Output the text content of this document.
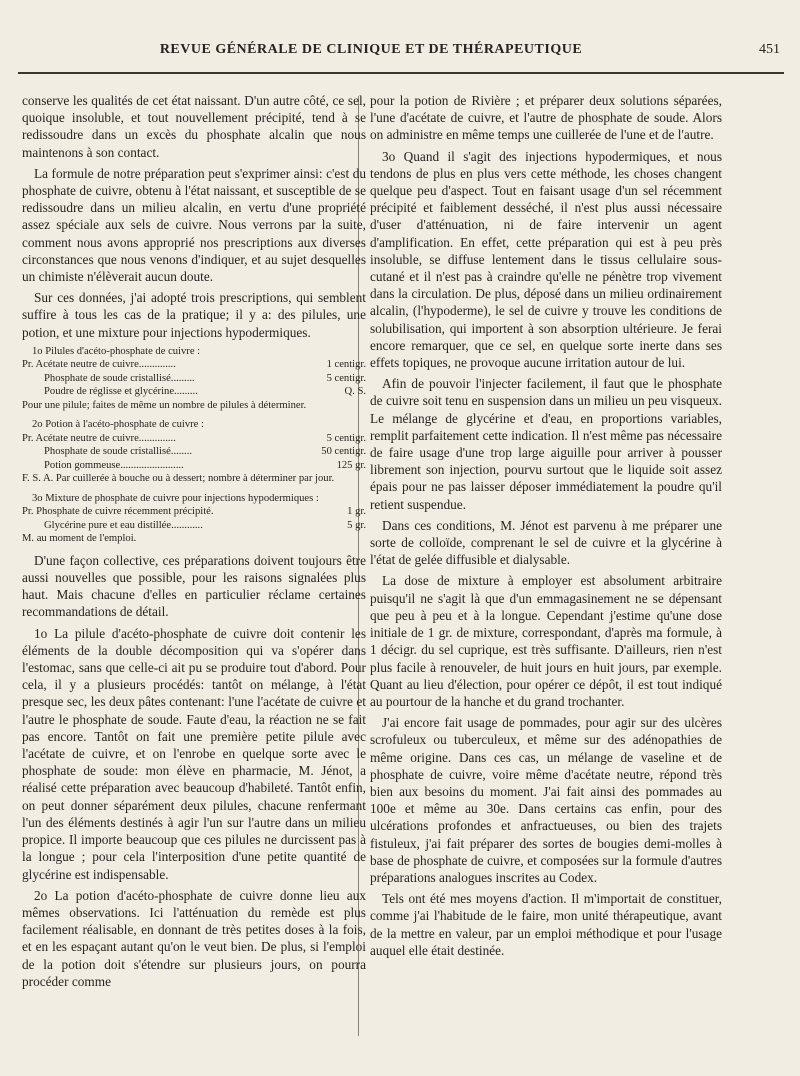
REVUE GÉNÉRALE DE CLINIQUE ET DE THÉRAPEUTIQUE	451

conserve les qualités de cet état naissant. D'un autre côté, ce sel, quoique insoluble, et tout nouvellement précipité, tend à se redissoudre dans un excès du phosphate alcalin que nous maintenons à son contact.

La formule de notre préparation peut s'exprimer ainsi: c'est du phosphate de cuivre, obtenu à l'état naissant, et susceptible de se redissoudre dans un milieu alcalin, en vertu d'une propriété assez spéciale aux sels de cuivre. Nous verrons par la suite, comment nous avons approprié nos prescriptions aux diverses circonstances que nous venons d'indiquer, et au sujet desquelles un chimiste n'élèverait aucun doute.

Sur ces données, j'ai adopté trois prescriptions, qui semblent suffire à tous les cas de la pratique; il y a: des pilules, une potion, et une mixture pour injections hypodermiques.

1o Pilules d'acéto-phosphate de cuivre :
Pr. Acétate neutre de cuivre..............	1 centigr.
Phosphate de soude cristallisé.........	5 centigr.
Poudre de réglisse et glycérine.........	Q. S.
Pour une pilule; faites de même un nombre de pilules à déterminer.
2o Potion à l'acéto-phosphate de cuivre :
Pr. Acétate neutre de cuivre..............	5 centigr.
Phosphate de soude cristallisé........	50 centigr.
Potion gommeuse........................	125 gr.
F. S. A. Par cuillerée à bouche ou à dessert; nombre à déterminer par jour.
3o Mixture de phosphate de cuivre pour injections hypodermiques :
Pr. Phosphate de cuivre récemment précipité.	1 gr.
Glycérine pure et eau distillée............	5 gr.
M. au moment de l'emploi.

D'une façon collective, ces préparations doivent toujours être aussi nouvelles que possible, pour les raisons signalées plus haut. Mais chacune d'elles en particulier réclame certaines recommandations de détail.

1o La pilule d'acéto-phosphate de cuivre doit contenir les éléments de la double décomposition qui va s'opérer dans l'estomac, sans que celle-ci ait pu se produire tout d'abord. Pour cela, il y a plusieurs procédés: tantôt on mélange, à l'état presque sec, les deux pâtes contenant: l'une l'acétate de cuivre et l'autre le phosphate de soude. Faute d'eau, la réaction ne se fait pas encore. Tantôt on fait une première petite pilule avec l'acétate de cuivre, et on l'enrobe en quelque sorte avec le phosphate de soude: mon élève en pharmacie, M. Jénot, a réalisé cette préparation avec beaucoup d'habileté. Tantôt enfin, on peut donner séparément deux pilules, chacune renfermant l'un des éléments destinés à agir l'un sur l'autre dans un milieu propice. Il importe beaucoup que ces pilules ne durcissent pas à la longue ; pour cela l'interposition d'une petite quantité de glycérine est indispensable.

2o La potion d'acéto-phosphate de cuivre donne lieu aux mêmes observations. Ici l'atténuation du remède est plus facilement réalisable, en donnant de très petites doses à la fois, et en les espaçant autant qu'on le veut bien. De plus, si l'emploi de la potion doit s'étendre sur plusieurs jours, on pourra procéder comme

pour la potion de Rivière ; et préparer deux solutions séparées, l'une d'acétate de cuivre, et l'autre de phosphate de soude. Alors on administre en même temps une cuillerée de l'une et de l'autre.

3o Quand il s'agit des injections hypodermiques, et nous tendons de plus en plus vers cette méthode, les choses changent quelque peu d'aspect. Tout en faisant usage d'un sel récemment précipité et faiblement desséché, il n'est plus aussi nécessaire d'user d'atténuation, ni de faire intervenir un agent d'amplification. En effet, cette préparation qui est à peu près insoluble, se diffuse lentement dans le tissus cellulaire sous-cutané et il n'est pas à craindre qu'elle ne pénètre trop vivement dans la circulation. De plus, déposé dans un milieu ordinairement alcalin, (l'hypoderme), le sel de cuivre y trouve les conditions de solubilisation, qui importent à son absorption ultérieure. Je ferai encore remarquer, que ce sel, en quelque sorte inerte dans ses effets topiques, ne provoque aucune irritation autour de lui.

Afin de pouvoir l'injecter facilement, il faut que le phosphate de cuivre soit tenu en suspension dans un milieu un peu visqueux. Le mélange de glycérine et d'eau, en proportions variables, remplit parfaitement cette indication. Il n'est même pas nécessaire de faire usage d'une trop large aiguille pour arriver à pousser librement son injection, pourvu surtout que le liquide soit assez épais pour ne pas laisser déposer immédiatement la poudre qu'il retient suspendue.

Dans ces conditions, M. Jénot est parvenu à me préparer une sorte de colloïde, comprenant le sel de cuivre et la glycérine à l'état de gelée diffusible et dialysable.

La dose de mixture à employer est absolument arbitraire puisqu'il ne s'agit là que d'un emmagasinement ne se dépensant que peu à peu et à la longue. Cependant j'estime qu'une dose initiale de 1 gr. de mixture, correspondant, d'après ma formule, à 1 décigr. du sel cuprique, est très suffisante. D'ailleurs, rien n'est plus facile à renouveler, de huit jours en huit jours, par exemple. Quant au lieu d'élection, pour opérer ce dépôt, il est tout indiqué au pourtour de la hanche et du grand trochanter.

J'ai encore fait usage de pommades, pour agir sur des ulcères scrofuleux ou tuberculeux, et même sur des adénopathies de même origine. Dans ces cas, un mélange de vaseline et de phosphate de cuivre, voire même d'acétate neutre, répond très bien aux besoins du moment. J'ai fait ainsi des pommades au 100e et même au 30e. Dans certains cas enfin, pour des ulcérations profondes et anfractueuses, ou bien des trajets fistuleux, j'ai fait préparer des sortes de bougies demi-molles à base de phosphate de cuivre, et composées sur la formule d'autres préparations analogues inscrites au Codex.

Tels ont été mes moyens d'action. Il m'importait de constituer, comme j'ai l'habitude de le faire, mon unité thérapeutique, avant de la mettre en valeur, par un emploi méthodique et pour l'usage auquel elle était destinée.
